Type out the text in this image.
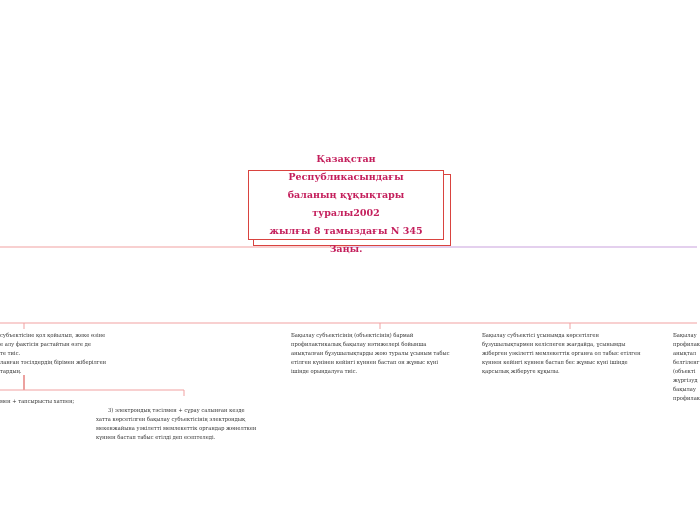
Қазақстан Республикасындағы
баланың құқықтары туралы2002
жылғы 8 тамыздағы N 345 Заңы.
субъектісіне қол қойылып, жеке өзіне
е алу фактісін растайтын өзге де
те тиіс.
ланған тәсілдердің бірімен жіберілген
тардың.
мен + тапсырысты хатпен;
3) электрондық тәсілмен + сұрау салынған кезде
хатта көрсетілген бақылау субъектісінің электрондық
мекенжайына уәкілетті мемлекеттік органдар жөнелткен
күннен бастап табыс етілді деп есептеледі.
Бақылау субъектісінің (объектісінің) бармай
профилактикалық бақылау нәтижелері бойынша
анықталған бұзушылықтарды жою туралы ұсыным табыс
етілген күнінен кейінгі күннен бастап он жұмыс күні
ішінде орындалуға тиіс.
Бақылау субъектісі ұсынымда көрсетілген
бұзушылықтармен келіспеген жағдайда, ұсынымды
жіберген уәкілетті мемлекеттік органға ол табыс етілген
күннен кейінгі күннен бастап бес жұмыс күні ішінде
қарсылық жіберуге құқылы.
Бақылау
профилак
анықтал
белгіленг
(объекті
жүргізуд
бақылау
профилак
